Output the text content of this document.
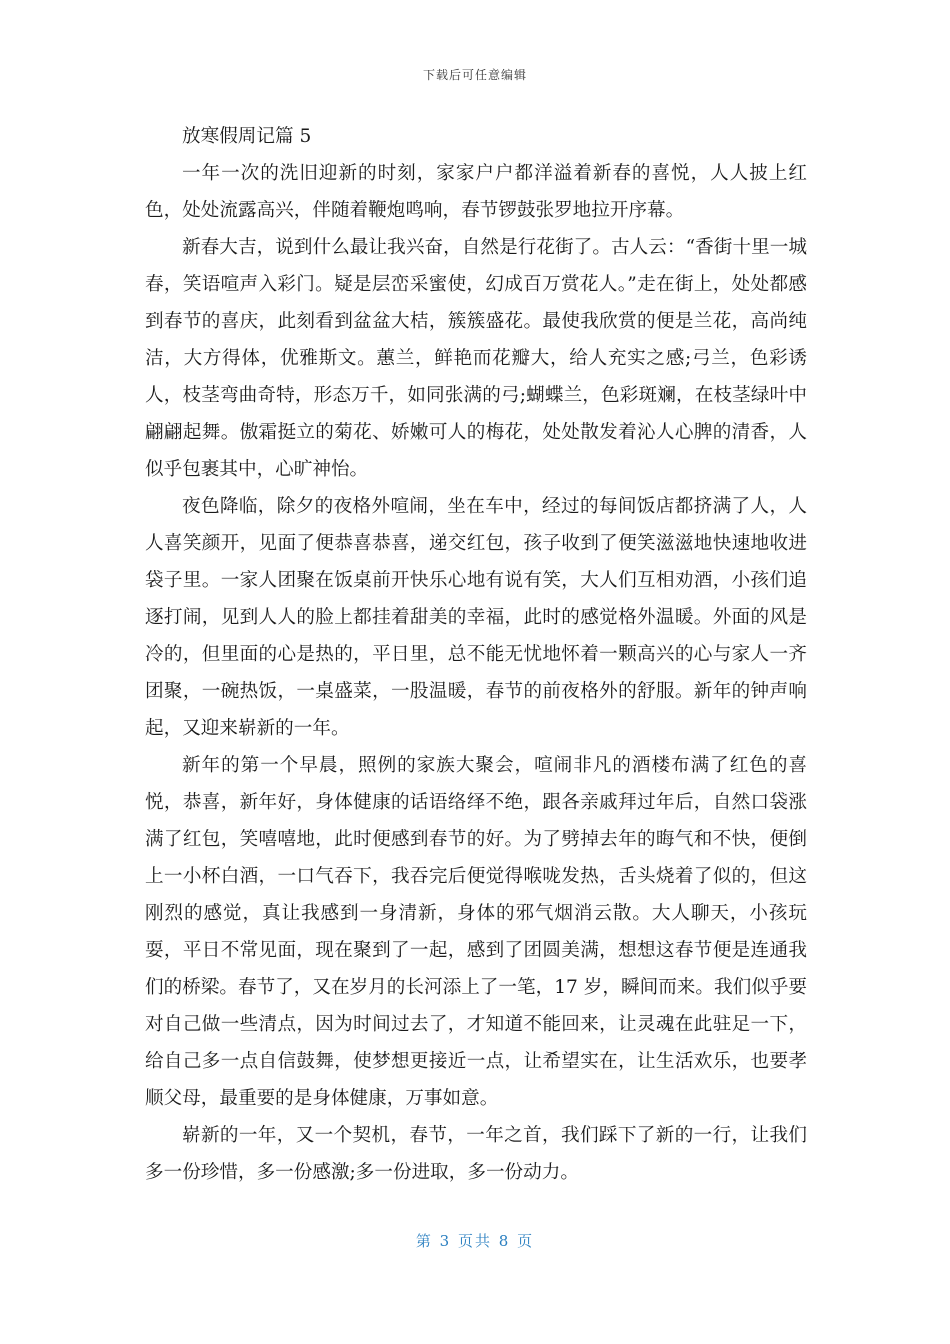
下载后可任意编辑

放寒假周记篇 5

一年一次的洗旧迎新的时刻，家家户户都洋溢着新春的喜悦，人人披上红色，处处流露高兴，伴随着鞭炮鸣响，春节锣鼓张罗地拉开序幕。

新春大吉，说到什么最让我兴奋，自然是行花街了。古人云：“香街十里一城春，笑语喧声入彩门。疑是层峦采蜜使，幻成百万赏花人。”走在街上，处处都感到春节的喜庆，此刻看到盆盆大桔，簇簇盛花。最使我欣赏的便是兰花，高尚纯洁，大方得体，优雅斯文。蕙兰，鲜艳而花瓣大，给人充实之感;弓兰，色彩诱人，枝茎弯曲奇特，形态万千，如同张满的弓;蝴蝶兰，色彩斑斓，在枝茎绿叶中翩翩起舞。傲霜挺立的菊花、娇嫩可人的梅花，处处散发着沁人心脾的清香，人似乎包裹其中，心旷神怡。

夜色降临，除夕的夜格外喧闹，坐在车中，经过的每间饭店都挤满了人，人人喜笑颜开，见面了便恭喜恭喜，递交红包，孩子收到了便笑滋滋地快速地收进袋子里。一家人团聚在饭桌前开快乐心地有说有笑，大人们互相劝酒，小孩们追逐打闹，见到人人的脸上都挂着甜美的幸福，此时的感觉格外温暖。外面的风是冷的，但里面的心是热的，平日里，总不能无忧地怀着一颗高兴的心与家人一齐团聚，一碗热饭，一桌盛菜，一股温暖，春节的前夜格外的舒服。新年的钟声响起，又迎来崭新的一年。

新年的第一个早晨，照例的家族大聚会，喧闹非凡的酒楼布满了红色的喜悦，恭喜，新年好，身体健康的话语络绎不绝，跟各亲戚拜过年后，自然口袋涨满了红包，笑嘻嘻地，此时便感到春节的好。为了劈掉去年的晦气和不快，便倒上一小杯白酒，一口气吞下，我吞完后便觉得喉咙发热，舌头烧着了似的，但这刚烈的感觉，真让我感到一身清新，身体的邪气烟消云散。大人聊天，小孩玩耍，平日不常见面，现在聚到了一起，感到了团圆美满，想想这春节便是连通我们的桥梁。春节了，又在岁月的长河添上了一笔，17 岁，瞬间而来。我们似乎要对自己做一些清点，因为时间过去了，才知道不能回来，让灵魂在此驻足一下，给自己多一点自信鼓舞，使梦想更接近一点，让希望实在，让生活欢乐，也要孝顺父母，最重要的是身体健康，万事如意。

崭新的一年，又一个契机，春节，一年之首，我们踩下了新的一行，让我们多一份珍惜，多一份感激;多一份进取，多一份动力。

第 3 页共 8 页
